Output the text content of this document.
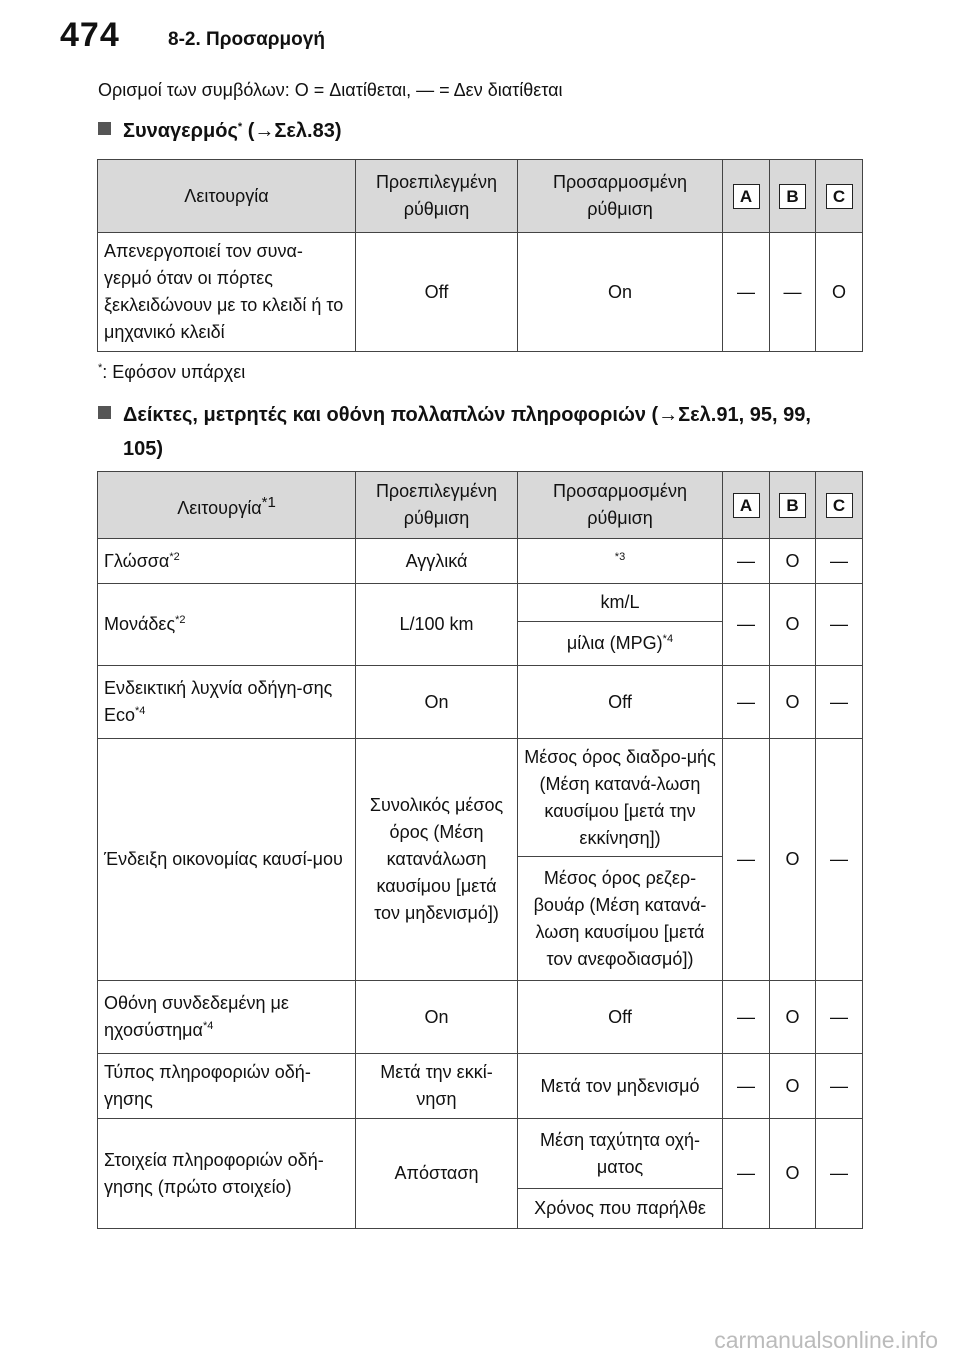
474	8-2. Προσαρμογή
Ορισμοί των συμβόλων: O = Διατίθεται, — = Δεν διατίθεται
Συναγερμός* (→Σελ.83)
Λειτουργία	Προεπιλεγμένη ρύθμιση	Προσαρμοσμένη ρύθμιση	A	B	C
Απενεργοποιεί τον συνα-γερμό όταν οι πόρτες ξεκλειδώνουν με το κλειδί ή το μηχανικό κλειδί	Off	On	—	—	O
*: Εφόσον υπάρχει
Δείκτες, μετρητές και οθόνη πολλαπλών πληροφοριών (→Σελ.91, 95, 99, 105)
Λειτουργία$^{*1}$	Προεπιλεγμένη ρύθμιση	Προσαρμοσμένη ρύθμιση	A	B	C
Γλώσσα$^{*2}$	Αγγλικά	$^{*3}$	—	O	—
Μονάδες$^{*2}$	L/100 km	km/L	—	O	—
		μίλια (MPG)$^{*4}$
Ενδεικτική λυχνία οδήγη-σης Eco$^{*4}$	On	Off	—	O	—
Ένδειξη οικονομίας καυσί-μου	Συνολικός μέσος όρος (Μέση κατανάλωση καυσίμου [μετά τον μηδενισμό])	Μέσος όρος διαδρο-μής (Μέση κατανά-λωση καυσίμου [μετά την εκκίνηση])	—	O	—
		Μέσος όρος ρεζερ-βουάρ (Μέση κατανά-λωση καυσίμου [μετά τον ανεφοδιασμό])			
Οθόνη συνδεδεμένη με ηχοσύστημα$^{*4}$	On	Off	—	O	—
Τύπος πληροφοριών οδή-γησης	Μετά την εκκί-νηση	Μετά τον μηδενισμό	—	O	—
Στοιχεία πληροφοριών οδή-γησης (πρώτο στοιχείο)	Απόσταση	Μέση ταχύτητα οχή-ματος	—	O	—
		Χρόνος που παρήλθε			
carmanualsonline.info
